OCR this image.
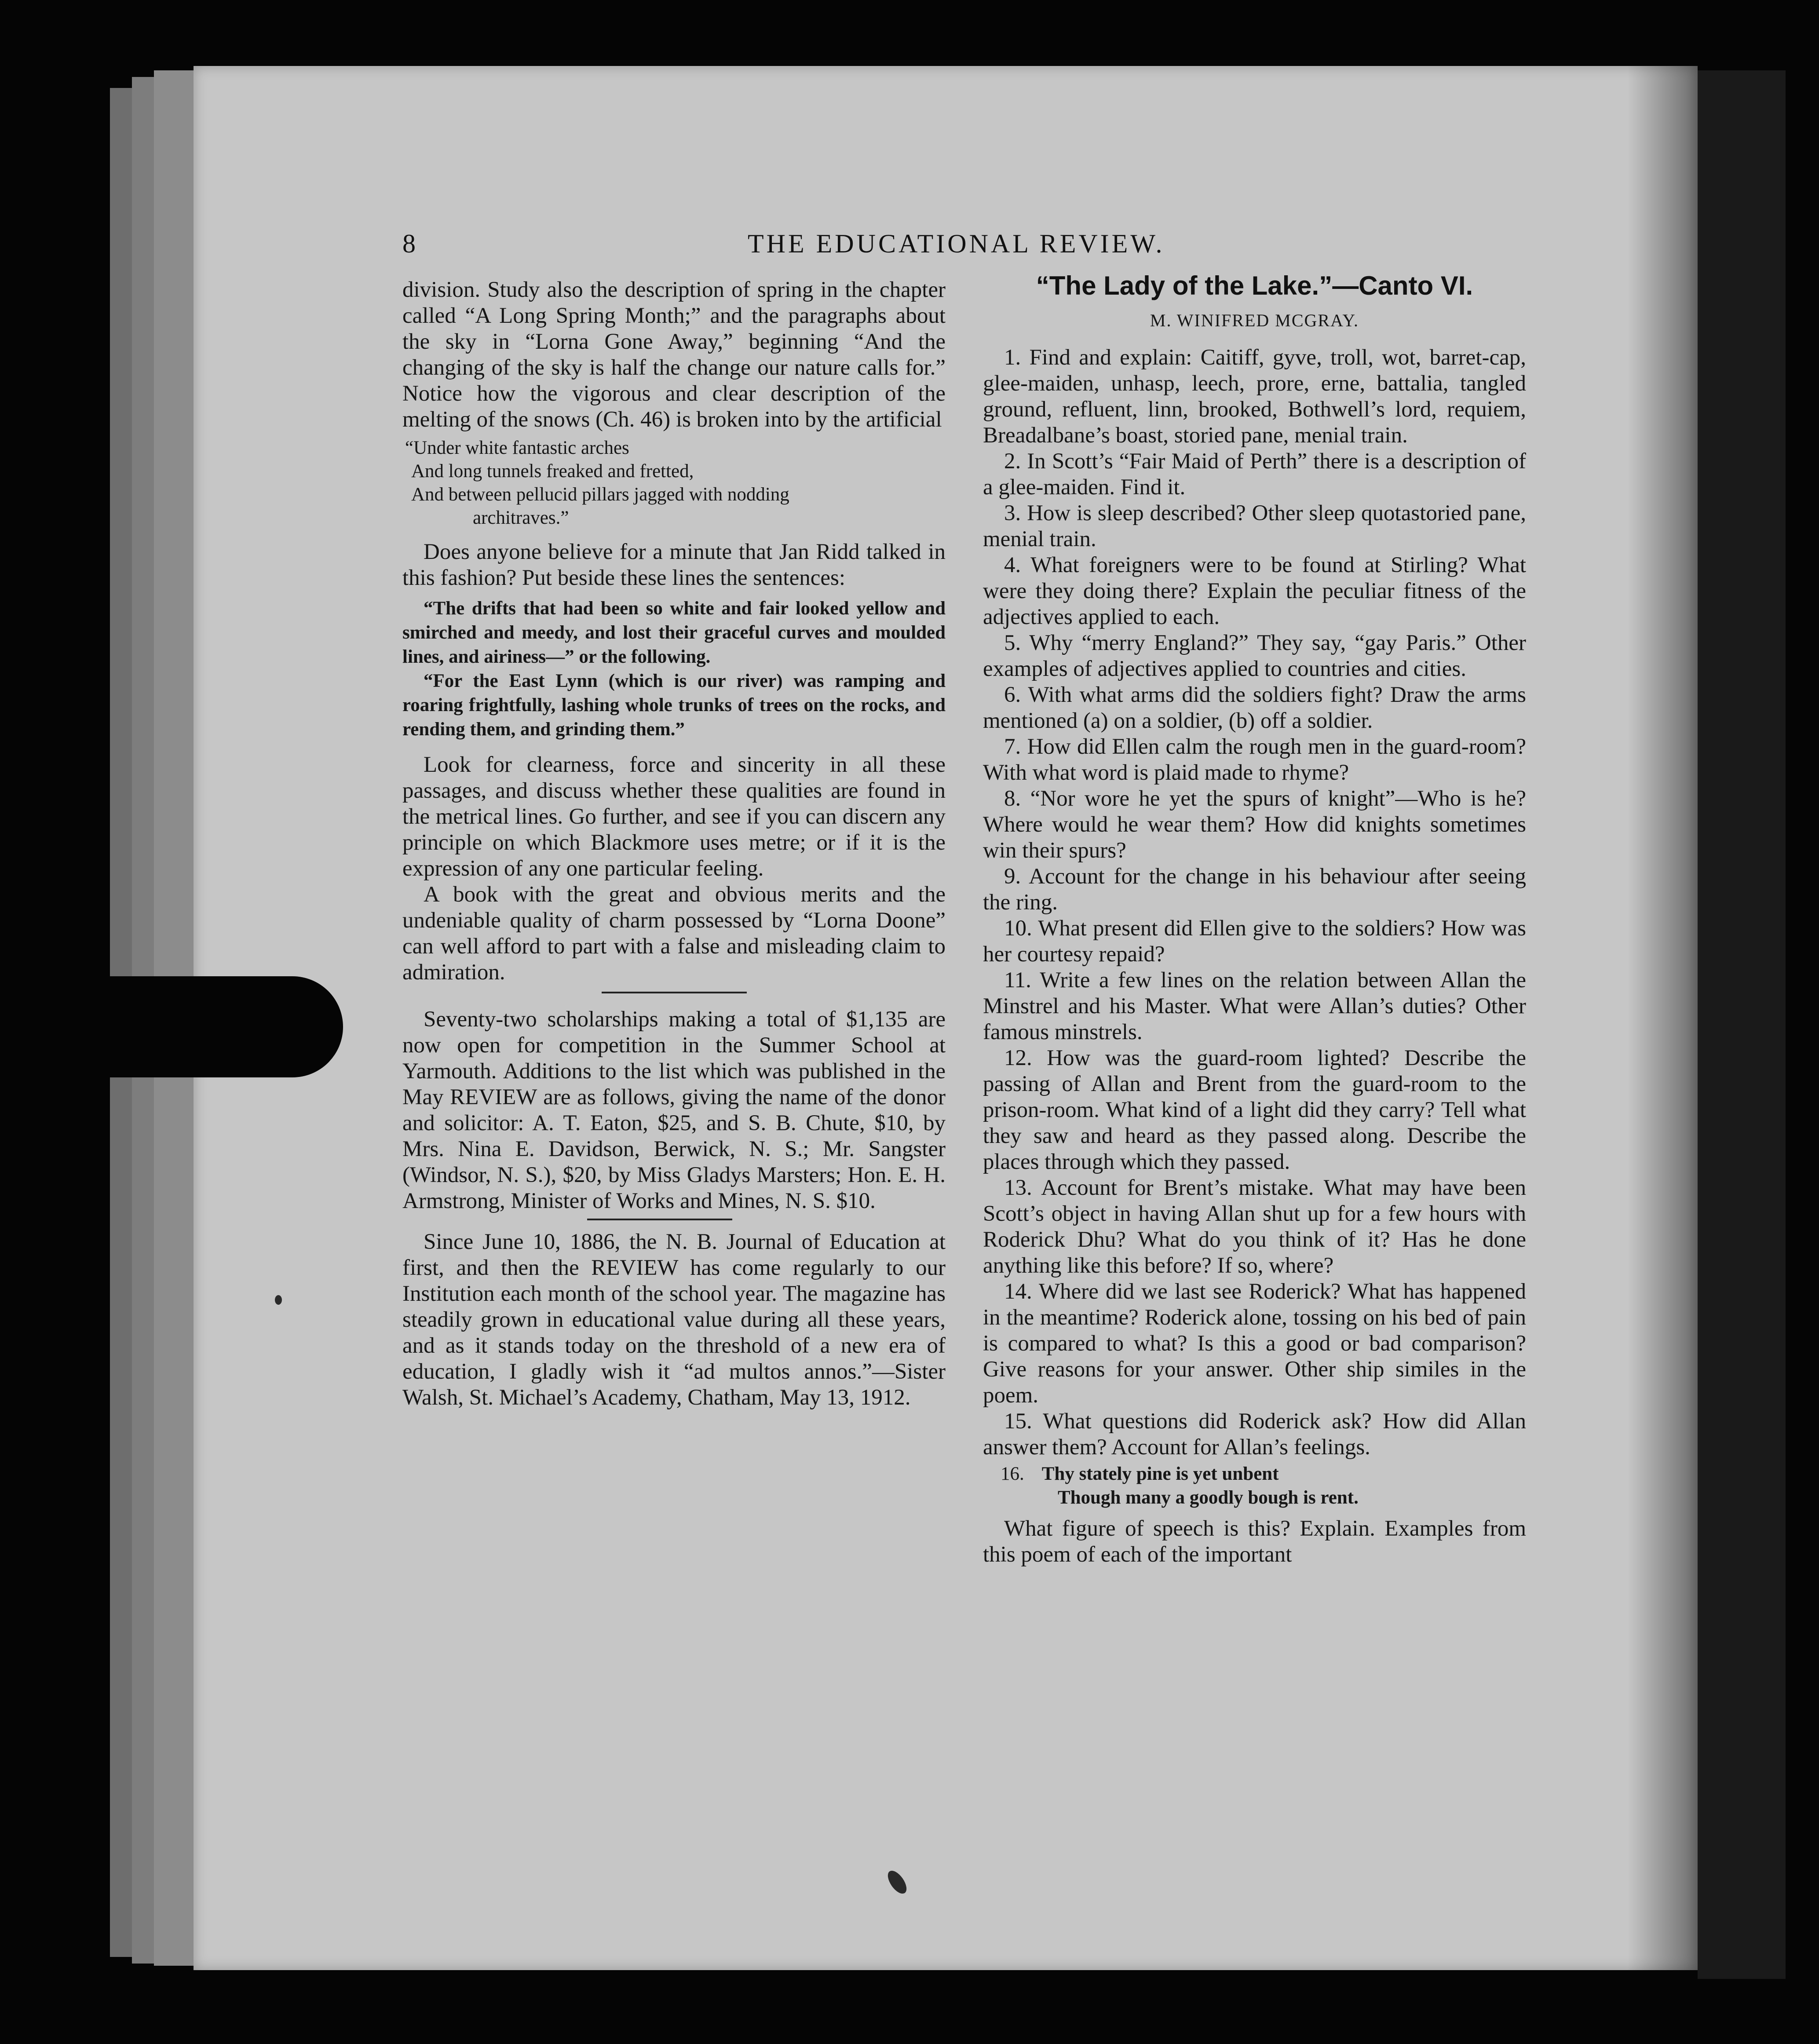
8	THE EDUCATIONAL REVIEW.

division. Study also the description of spring in the chapter called “A Long Spring Month;” and the paragraphs about the sky in “Lorna Gone Away,” beginning “And the changing of the sky is half the change our nature calls for.” Notice how the vigorous and clear description of the melting of the snows (Ch. 46) is broken into by the artificial

“Under white fantastic arches
And long tunnels freaked and fretted,
And between pellucid pillars jagged with nodding
architraves.”

Does anyone believe for a minute that Jan Ridd talked in this fashion? Put beside these lines the sentences:

“The drifts that had been so white and fair looked yellow and smirched and meedy, and lost their graceful curves and moulded lines, and airiness—” or the following.

“For the East Lynn (which is our river) was ramping and roaring frightfully, lashing whole trunks of trees on the rocks, and rending them, and grinding them.”

Look for clearness, force and sincerity in all these passages, and discuss whether these qualities are found in the metrical lines. Go further, and see if you can discern any principle on which Blackmore uses metre; or if it is the expression of any one particular feeling.

A book with the great and obvious merits and the undeniable quality of charm possessed by “Lorna Doone” can well afford to part with a false and misleading claim to admiration.

Seventy-two scholarships making a total of $1,135 are now open for competition in the Summer School at Yarmouth. Additions to the list which was published in the May REVIEW are as follows, giving the name of the donor and solicitor: A. T. Eaton, $25, and S. B. Chute, $10, by Mrs. Nina E. Davidson, Berwick, N. S.; Mr. Sangster (Windsor, N. S.), $20, by Miss Gladys Marsters; Hon. E. H. Armstrong, Minister of Works and Mines, N. S. $10.

Since June 10, 1886, the N. B. Journal of Education at first, and then the REVIEW has come regularly to our Institution each month of the school year. The magazine has steadily grown in educational value during all these years, and as it stands today on the threshold of a new era of education, I gladly wish it “ad multos annos.”—Sister Walsh, St. Michael’s Academy, Chatham, May 13, 1912.

“The Lady of the Lake.”—Canto VI.
M. WINIFRED MCGRAY.

1. Find and explain: Caitiff, gyve, troll, wot, barret-cap, glee-maiden, unhasp, leech, prore, erne, battalia, tangled ground, refluent, linn, brooked, Bothwell’s lord, requiem, Breadalbane’s boast, storied pane, menial train.

2. In Scott’s “Fair Maid of Perth” there is a description of a glee-maiden. Find it.

3. How is sleep described? Other sleep quotastoried pane, menial train.

4. What foreigners were to be found at Stirling? What were they doing there? Explain the peculiar fitness of the adjectives applied to each.

5. Why “merry England?” They say, “gay Paris.” Other examples of adjectives applied to countries and cities.

6. With what arms did the soldiers fight? Draw the arms mentioned (a) on a soldier, (b) off a soldier.

7. How did Ellen calm the rough men in the guard-room? With what word is plaid made to rhyme?

8. “Nor wore he yet the spurs of knight”—Who is he? Where would he wear them? How did knights sometimes win their spurs?

9. Account for the change in his behaviour after seeing the ring.

10. What present did Ellen give to the soldiers? How was her courtesy repaid?

11. Write a few lines on the relation between Allan the Minstrel and his Master. What were Allan’s duties? Other famous minstrels.

12. How was the guard-room lighted? Describe the passing of Allan and Brent from the guard-room to the prison-room. What kind of a light did they carry? Tell what they saw and heard as they passed along. Describe the places through which they passed.

13. Account for Brent’s mistake. What may have been Scott’s object in having Allan shut up for a few hours with Roderick Dhu? What do you think of it? Has he done anything like this before? If so, where?

14. Where did we last see Roderick? What has happened in the meantime? Roderick alone, tossing on his bed of pain is compared to what? Is this a good or bad comparison? Give reasons for your answer. Other ship similes in the poem.

15. What questions did Roderick ask? How did Allan answer them? Account for Allan’s feelings.

16. Thy stately pine is yet unbent
Though many a goodly bough is rent.

What figure of speech is this? Explain. Examples from this poem of each of the important
